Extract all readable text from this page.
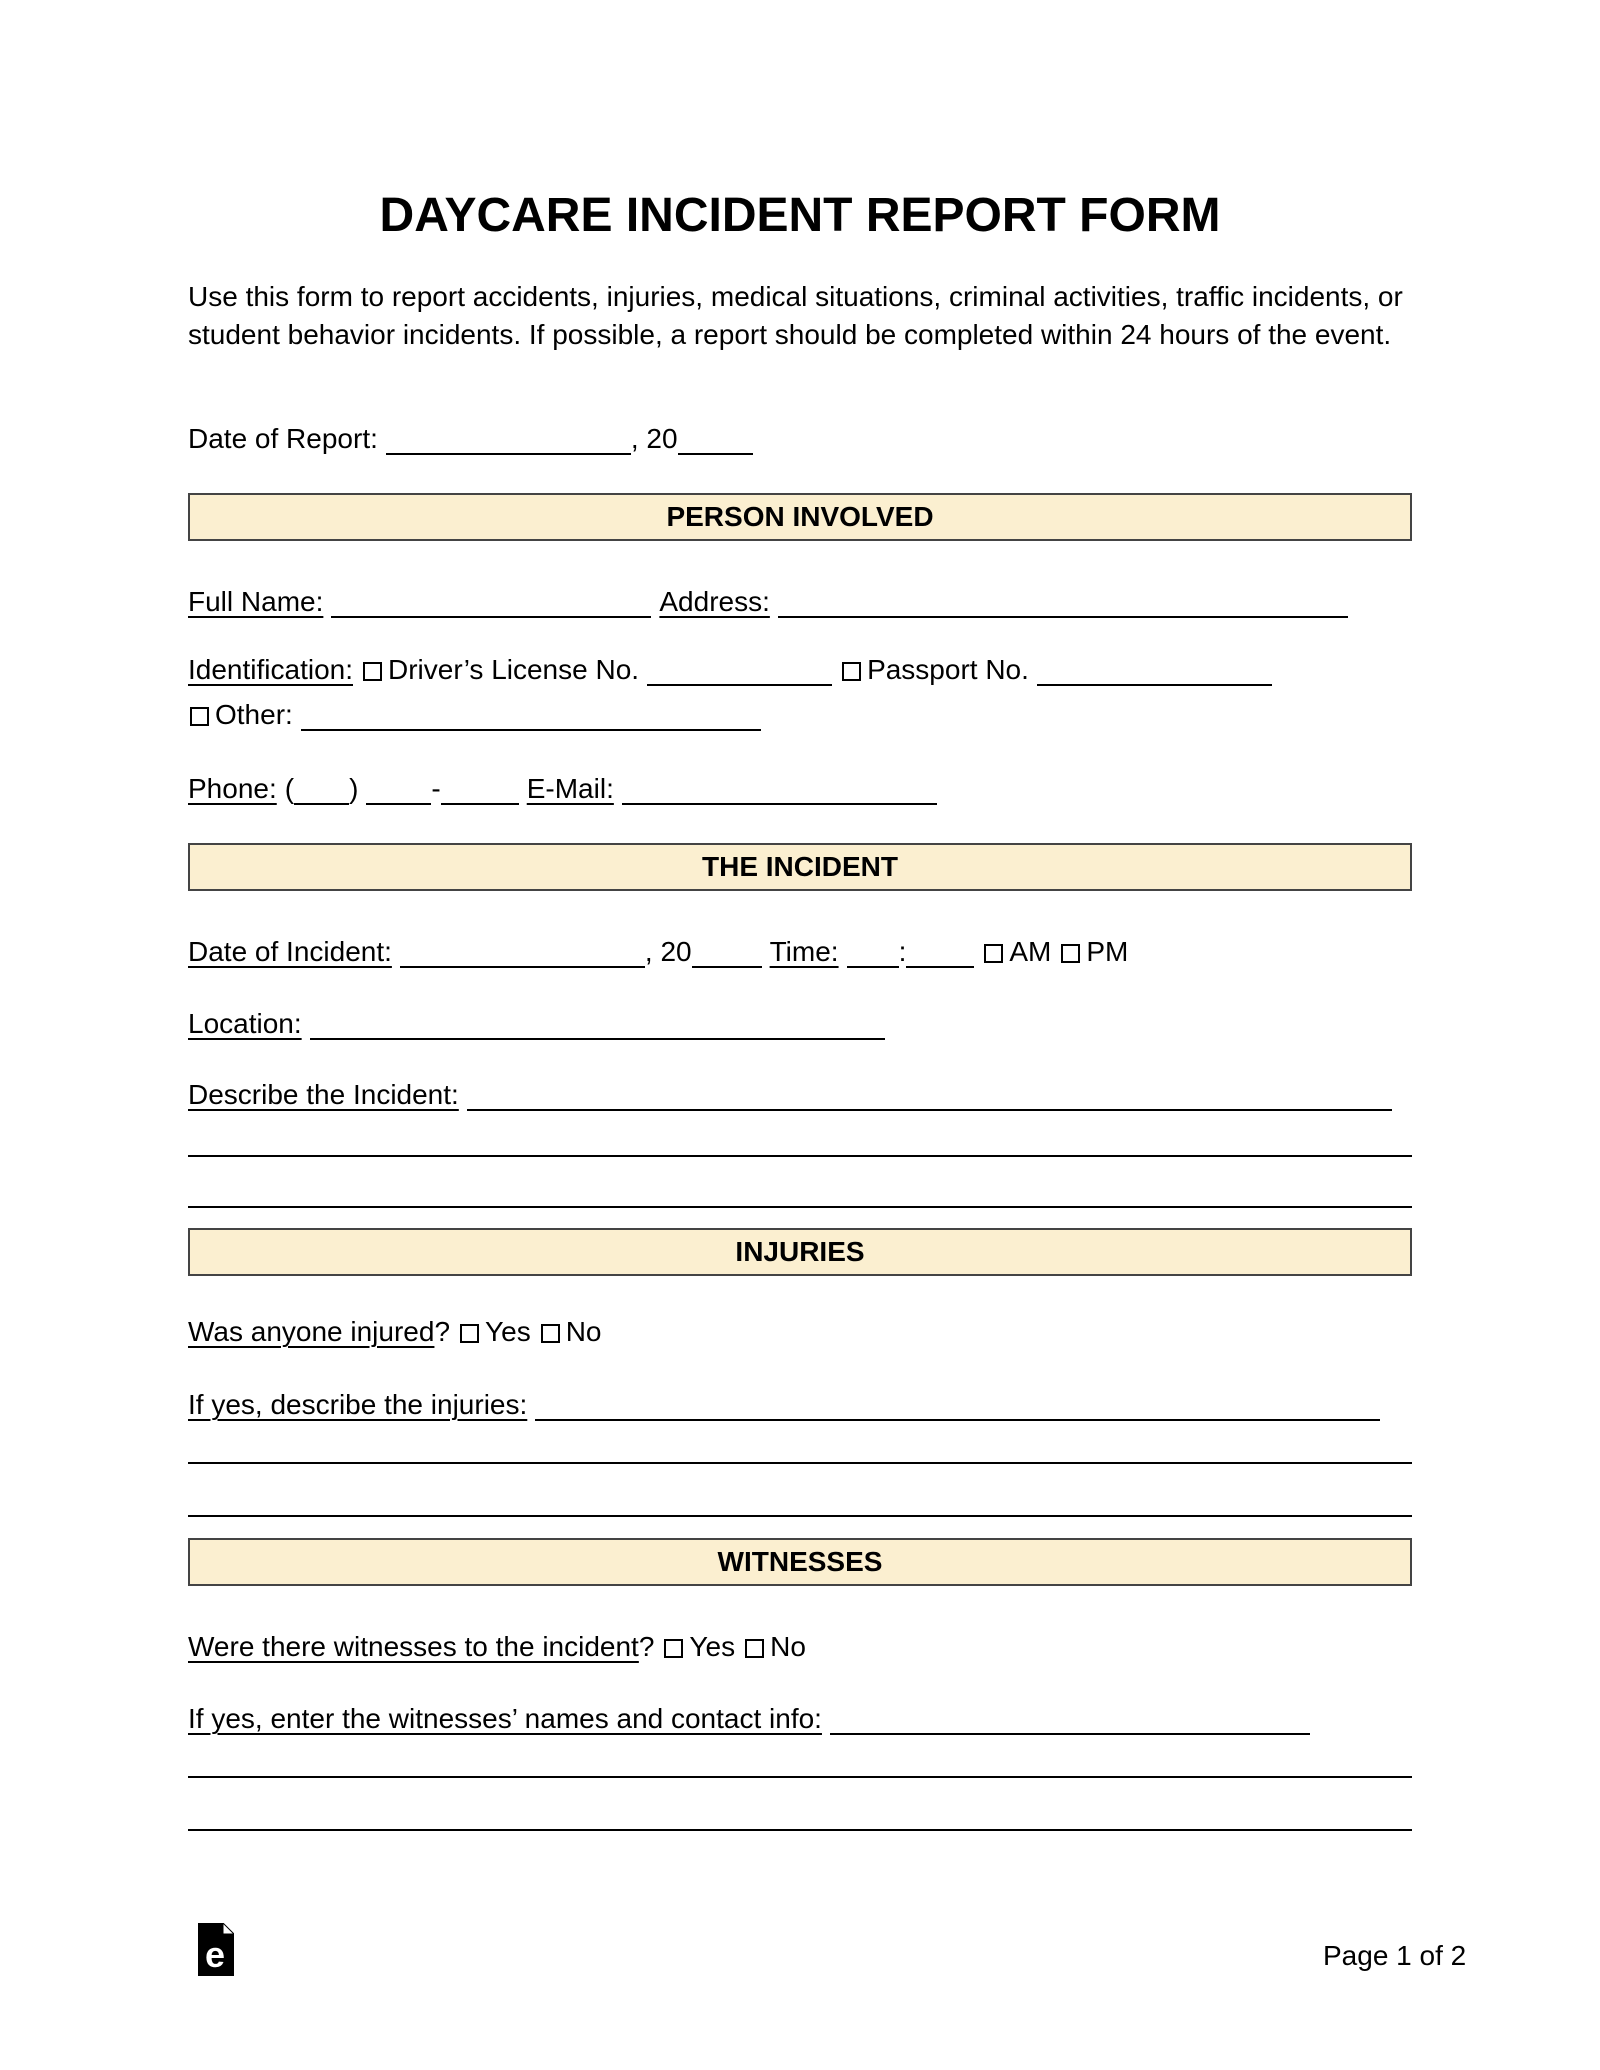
DAYCARE INCIDENT REPORT FORM

Use this form to report accidents, injuries, medical situations, criminal activities, traffic incidents, or student behavior incidents. If possible, a report should be completed within 24 hours of the event.

Date of Report:	, 20
PERSON INVOLVED
Full Name:	Address:
Identification: Driver’s License No.	Passport No.
Other:
Phone: ( )	-	E-Mail:
THE INCIDENT
Date of Incident:	, 20	Time: :	AM PM
Location:
Describe the Incident:
INJURIES
Was anyone injured? Yes No
If yes, describe the injuries:
WITNESSES
Were there witnesses to the incident? Yes No
If yes, enter the witnesses’ names and contact info:
e	Page 1 of 2
